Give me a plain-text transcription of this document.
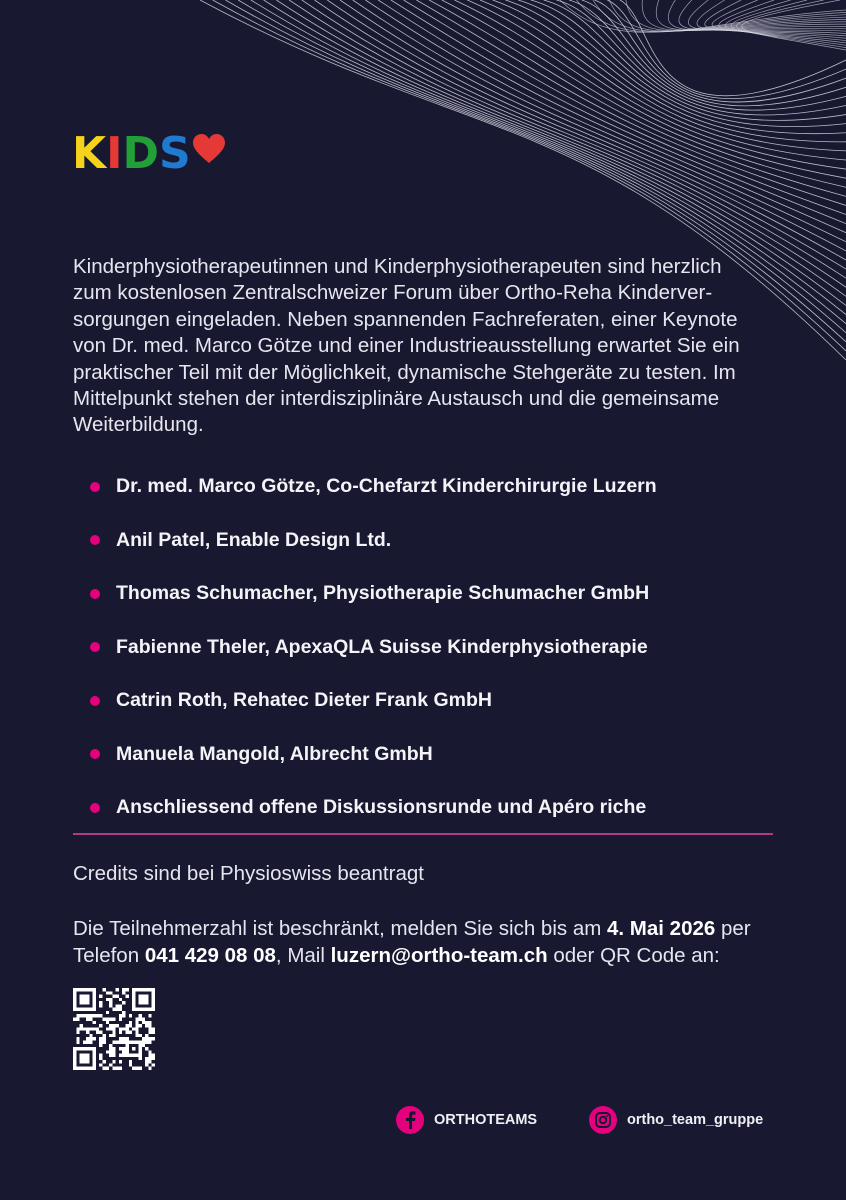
K I D S
Kinderphysiotherapeutinnen und Kinderphysiotherapeuten sind herzlich
zum kostenlosen Zentralschweizer Forum über Ortho-Reha Kinderver-
sorgungen eingeladen. Neben spannenden Fachreferaten, einer Keynote
von Dr. med. Marco Götze und einer Industrieausstellung erwartet Sie ein
praktischer Teil mit der Möglichkeit, dynamische Stehgeräte zu testen. Im
Mittelpunkt stehen der interdisziplinäre Austausch und die gemeinsame
Weiterbildung.
Dr. med. Marco Götze, Co-Chefarzt Kinderchirurgie Luzern
Anil Patel, Enable Design Ltd.
Thomas Schumacher, Physiotherapie Schumacher GmbH
Fabienne Theler, ApexaQLA Suisse Kinderphysiotherapie
Catrin Roth, Rehatec Dieter Frank GmbH
Manuela Mangold, Albrecht GmbH
Anschliessend offene Diskussionsrunde und Apéro riche
Credits sind bei Physioswiss beantragt
Die Teilnehmerzahl ist beschränkt, melden Sie sich bis am 4. Mai 2026 per
Telefon 041 429 08 08, Mail luzern@ortho-team.ch oder QR Code an:
ORTHOTEAMS	ortho_team_gruppe
